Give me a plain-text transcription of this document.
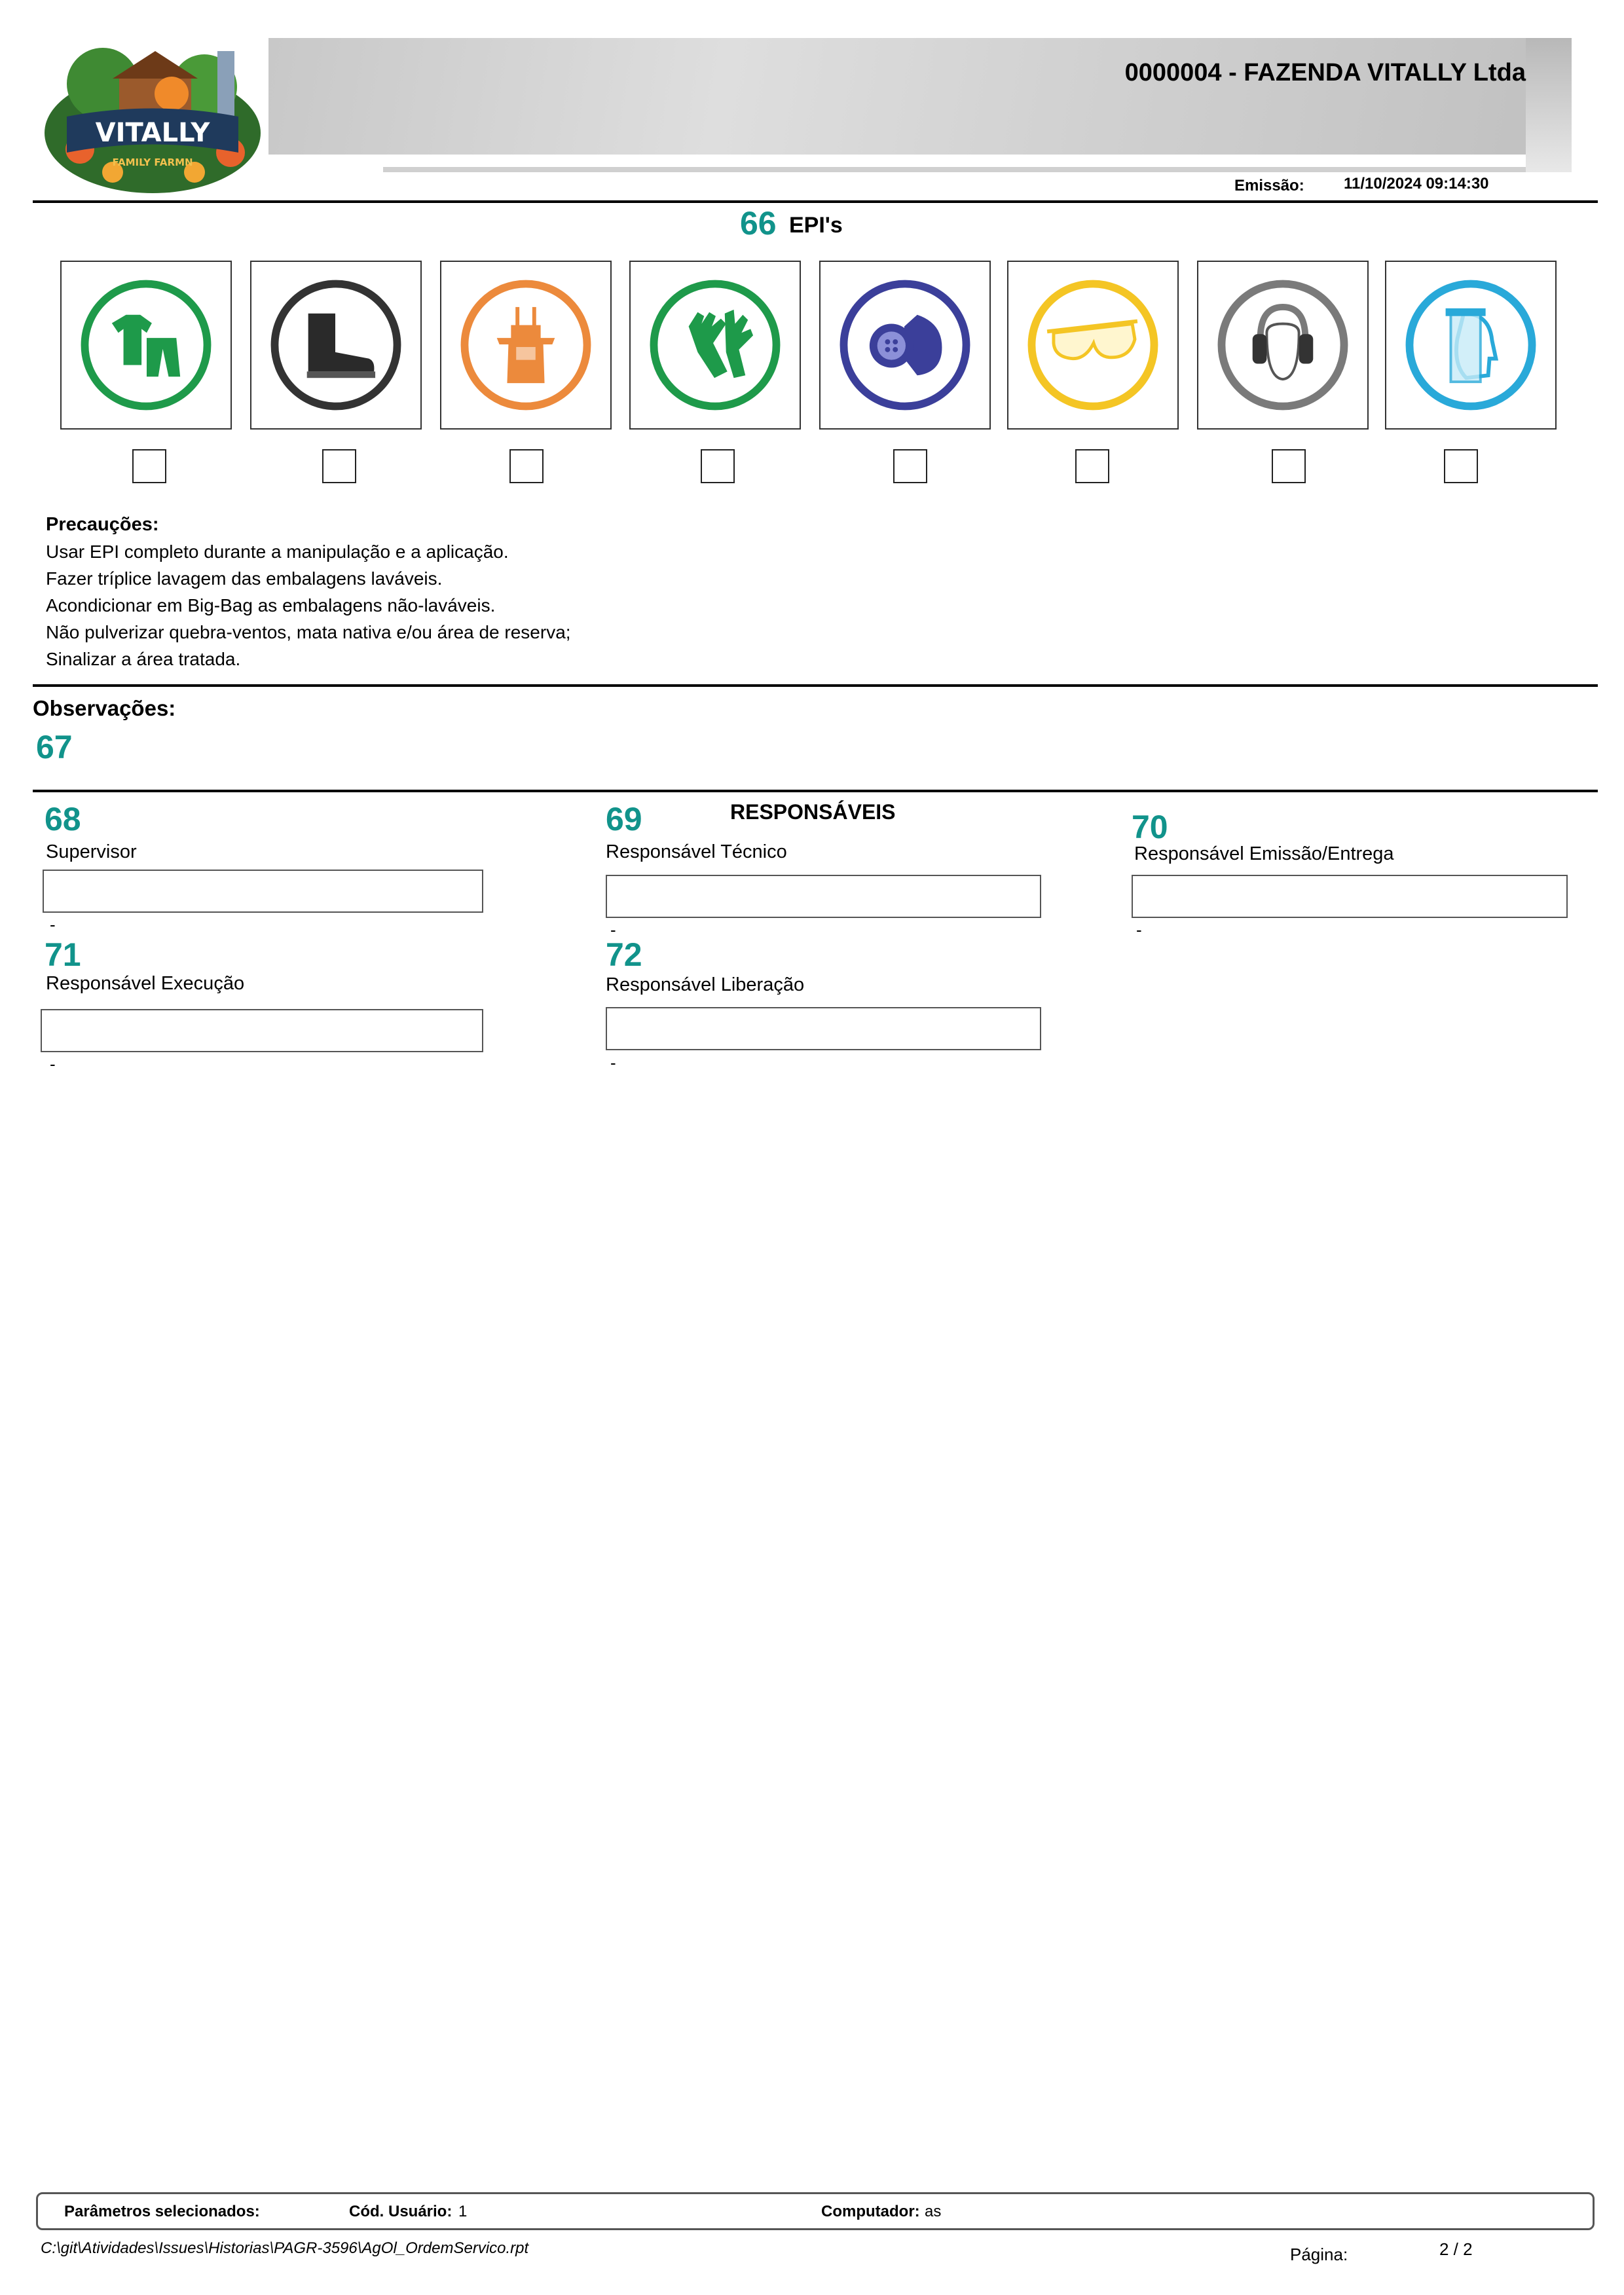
VITALLY
FAMILY FARMN
0000004 - FAZENDA VITALLY Ltda
Emissão:	11/10/2024 09:14:30
66 EPI's
Precauções:
Usar EPI completo durante a manipulação e a aplicação.
Fazer tríplice lavagem das embalagens laváveis.
Acondicionar em Big-Bag as embalagens não-laváveis.
Não pulverizar quebra-ventos, mata nativa e/ou área de reserva;
Sinalizar a área tratada.
Observações:
67
RESPONSÁVEIS
68
Supervisor
-
69
Responsável Técnico
-
70
Responsável Emissão/Entrega
-
71
Responsável Execução
-
72
Responsável Liberação
-
Parâmetros selecionados:	Cód. Usuário: 1	Computador: as
C:\git\Atividades\Issues\Historias\PAGR-3596\AgOl_OrdemServico.rpt	Página:	2 / 2
